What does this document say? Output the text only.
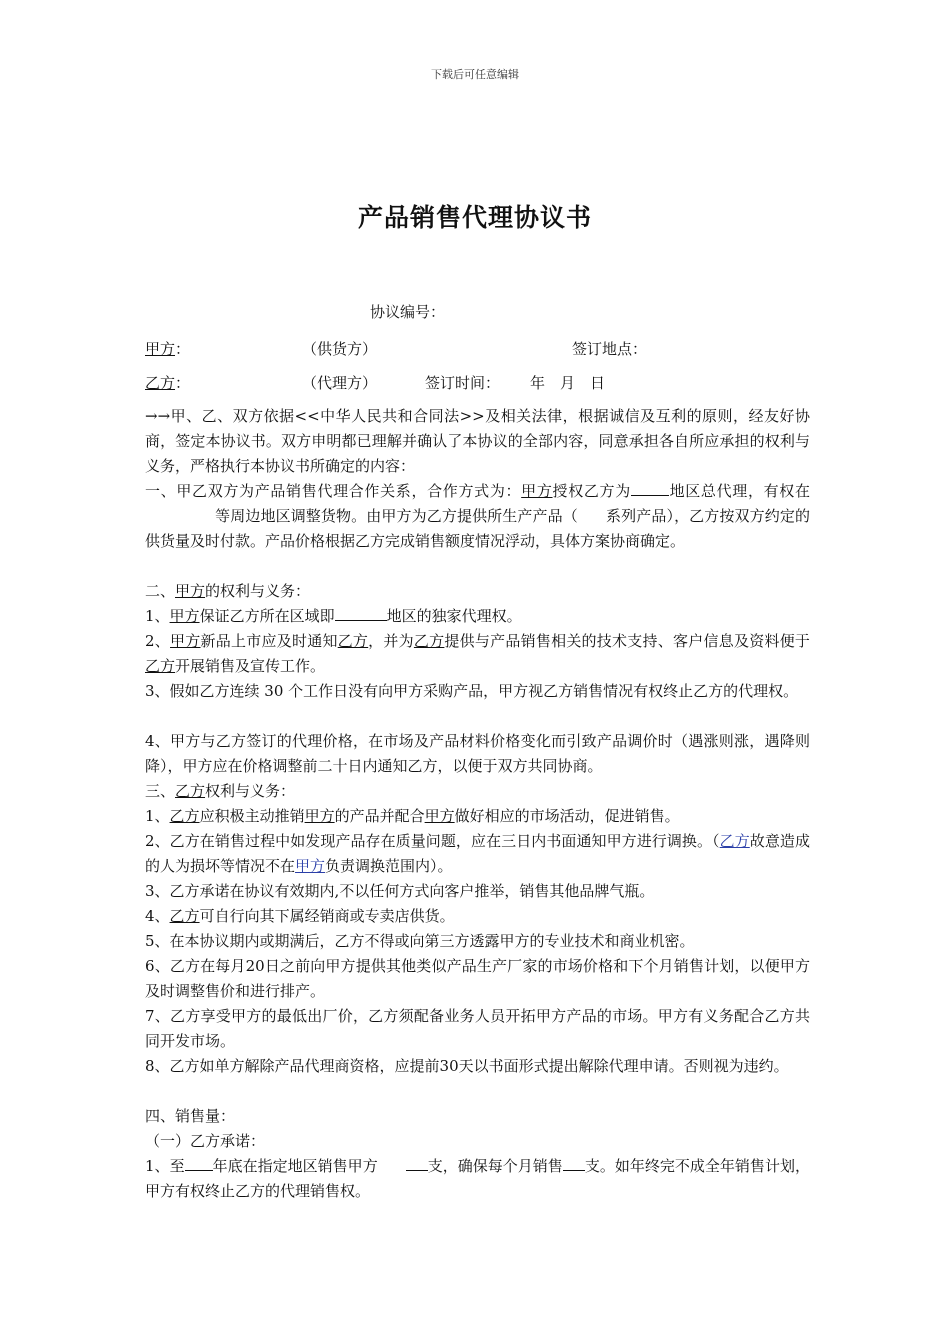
下载后可任意编辑
产品销售代理协议书
协议编号：
甲方：	（供货方）	签订地点：
乙方：	（代理方）	签订时间： 年 月 日
→→甲、乙、双方依据<<中华人民共和合同法>>及相关法律，根据诚信及互利的原则，经友好协商，签定本协议书。双方申明都已理解并确认了本协议的全部内容，同意承担各自所应承担的权利与义务，严格执行本协议书所确定的内容：
一、甲乙双方为产品销售代理合作关系，合作方式为：甲方授权乙方为	地区总代理，有权在等周边地区调整货物。由甲方为乙方提供所生产产品（ 系列产品），乙方按双方约定的供货量及时付款。产品价格根据乙方完成销售额度情况浮动，具体方案协商确定。
二、甲方的权利与义务：
1、甲方保证乙方所在区域即	地区的独家代理权。
2、甲方新品上市应及时通知乙方，并为乙方提供与产品销售相关的技术支持、客户信息及资料便于乙方开展销售及宣传工作。
3、假如乙方连续 30 个工作日没有向甲方采购产品，甲方视乙方销售情况有权终止乙方的代理权。
4、甲方与乙方签订的代理价格，在市场及产品材料价格变化而引致产品调价时（遇涨则涨，遇降则降），甲方应在价格调整前二十日内通知乙方，以便于双方共同协商。
三、乙方权利与义务：
1、乙方应积极主动推销甲方的产品并配合甲方做好相应的市场活动，促进销售。
2、乙方在销售过程中如发现产品存在质量问题，应在三日内书面通知甲方进行调换。（乙方故意造成的人为损坏等情况不在甲方负责调换范围内）。
3、乙方承诺在协议有效期内,不以任何方式向客户推举，销售其他品牌气瓶。
4、乙方可自行向其下属经销商或专卖店供货。
5、在本协议期内或期满后，乙方不得或向第三方透露甲方的专业技术和商业机密。
6、乙方在每月20日之前向甲方提供其他类似产品生产厂家的市场价格和下个月销售计划，以便甲方及时调整售价和进行排产。
7、乙方享受甲方的最低出厂价，乙方须配备业务人员开拓甲方产品的市场。甲方有义务配合乙方共同开发市场。
8、乙方如单方解除产品代理商资格，应提前30天以书面形式提出解除代理申请。否则视为违约。
四、销售量：
（一）乙方承诺：
1、至 年底在指定地区销售甲方	支，确保每个月销售 支。如年终完不成全年销售计划，甲方有权终止乙方的代理销售权。
